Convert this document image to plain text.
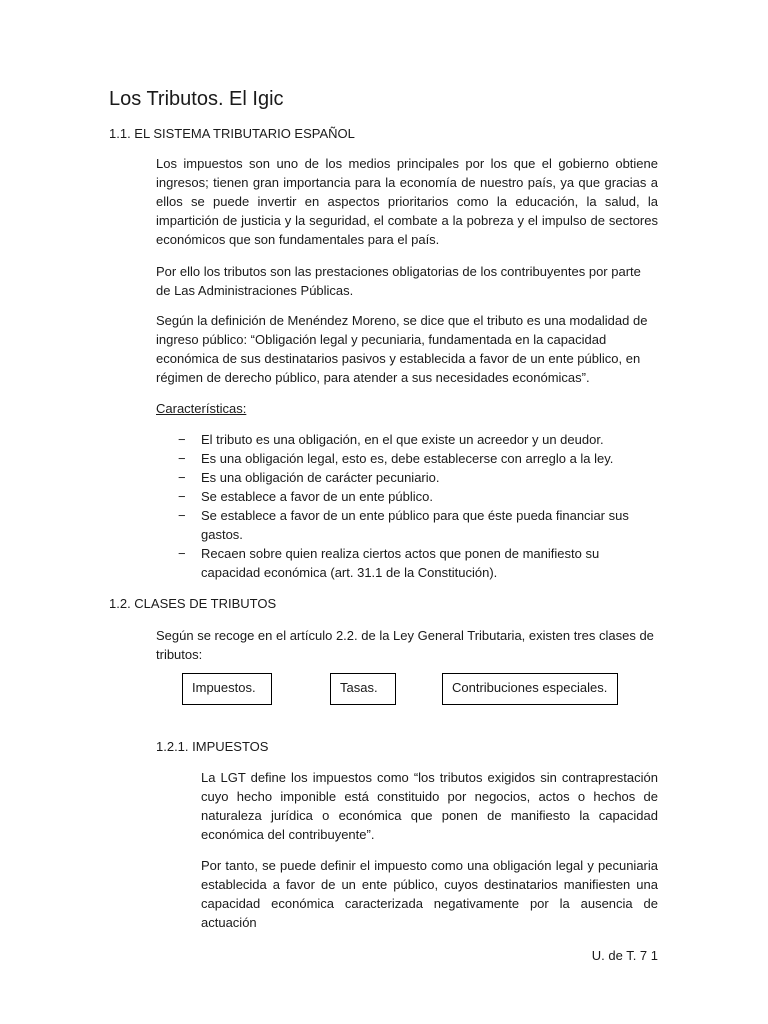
Los Tributos. El Igic
1.1. EL SISTEMA TRIBUTARIO ESPAÑOL
Los impuestos son uno de los medios principales por los que el gobierno obtiene ingresos; tienen gran importancia para la economía de nuestro país, ya que gracias a ellos se puede invertir en aspectos prioritarios como la educación, la salud, la impartición de justicia y la seguridad, el combate a la pobreza y el impulso de sectores económicos que son fundamentales para el país.
Por ello los tributos son las prestaciones obligatorias de los contribuyentes por parte de Las Administraciones Públicas.
Según la definición de Menéndez Moreno, se dice que el tributo es una modalidad de ingreso público: “Obligación legal y pecuniaria, fundamentada en la capacidad económica de sus destinatarios pasivos y establecida a favor de un ente público, en régimen de derecho público, para atender a sus necesidades económicas”.
Características:
− El tributo es una obligación, en el que existe un acreedor y un deudor.
− Es una obligación legal, esto es, debe establecerse con arreglo a la ley.
− Es una obligación de carácter pecuniario.
− Se establece a favor de un ente público.
− Se establece a favor de un ente público para que éste pueda financiar sus gastos.
− Recaen sobre quien realiza ciertos actos que ponen de manifiesto su capacidad económica (art. 31.1 de la Constitución).
1.2. CLASES DE TRIBUTOS
Según se recoge en el artículo 2.2. de la Ley General Tributaria, existen tres clases de tributos:
Impuestos.	Tasas.	Contribuciones especiales.
1.2.1. IMPUESTOS
La LGT define los impuestos como “los tributos exigidos sin contraprestación cuyo hecho imponible está constituido por negocios, actos o hechos de naturaleza jurídica o económica que ponen de manifiesto la capacidad económica del contribuyente”.
Por tanto, se puede definir el impuesto como una obligación legal y pecuniaria establecida a favor de un ente público, cuyos destinatarios manifiesten una capacidad económica caracterizada negativamente por la ausencia de actuación
U. de T. 7 1
